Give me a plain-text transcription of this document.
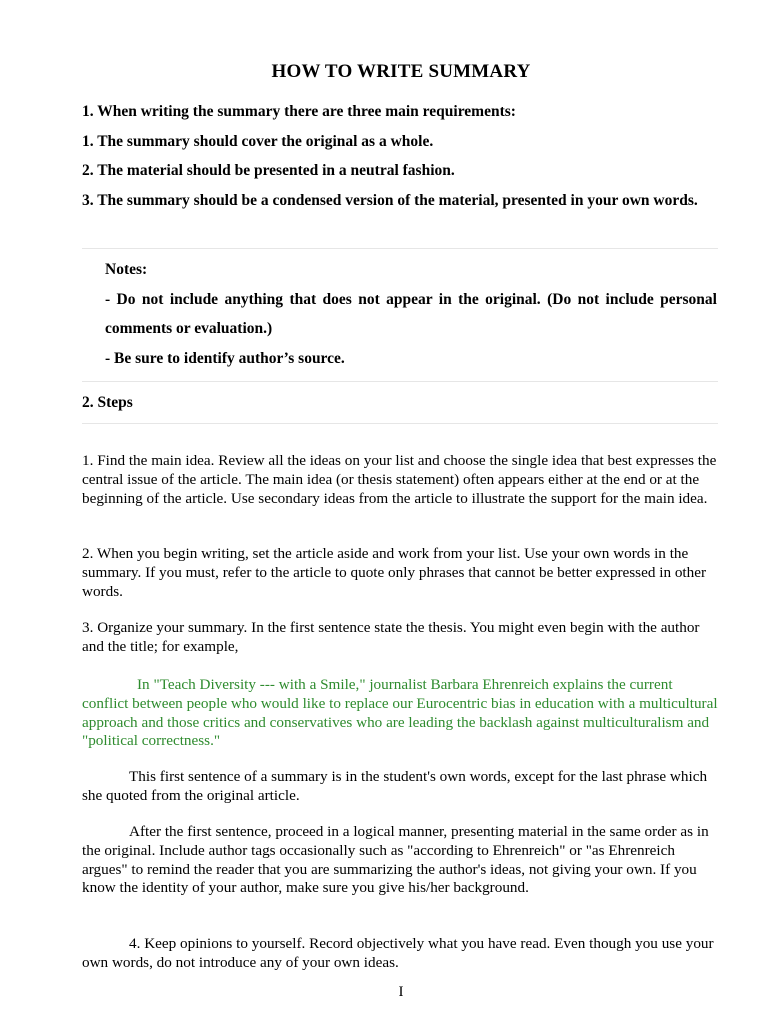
HOW TO WRITE SUMMARY

1. When writing the summary there are three main requirements:

1. The summary should cover the original as a whole.

2. The material should be presented in a neutral fashion.

3. The summary should be a condensed version of the material, presented in your own words.

Notes:

- Do not include anything that does not appear in the original. (Do not include personal comments or evaluation.)

- Be sure to identify author’s source.

2. Steps

1. Find the main idea. Review all the ideas on your list and choose the single idea that best expresses the central issue of the article. The main idea (or thesis statement) often appears either at the end or at the beginning of the article. Use secondary ideas from the article to illustrate the support for the main idea.

2. When you begin writing, set the article aside and work from your list. Use your own words in the summary. If you must, refer to the article to quote only phrases that cannot be better expressed in other words.

3. Organize your summary. In the first sentence state the thesis. You might even begin with the author and the title; for example,

In "Teach Diversity --- with a Smile," journalist Barbara Ehrenreich explains the current conflict between people who would like to replace our Eurocentric bias in education with a multicultural approach and those critics and conservatives who are leading the backlash against multiculturalism and "political correctness."

This first sentence of a summary is in the student's own words, except for the last phrase which she quoted from the original article.

After the first sentence, proceed in a logical manner, presenting material in the same order as in the original. Include author tags occasionally such as "according to Ehrenreich" or "as Ehrenreich argues" to remind the reader that you are summarizing the author's ideas, not giving your own. If you know the identity of your author, make sure you give his/her background.

4. Keep opinions to yourself. Record objectively what you have read. Even though you use your own words, do not introduce any of your own ideas.

I
